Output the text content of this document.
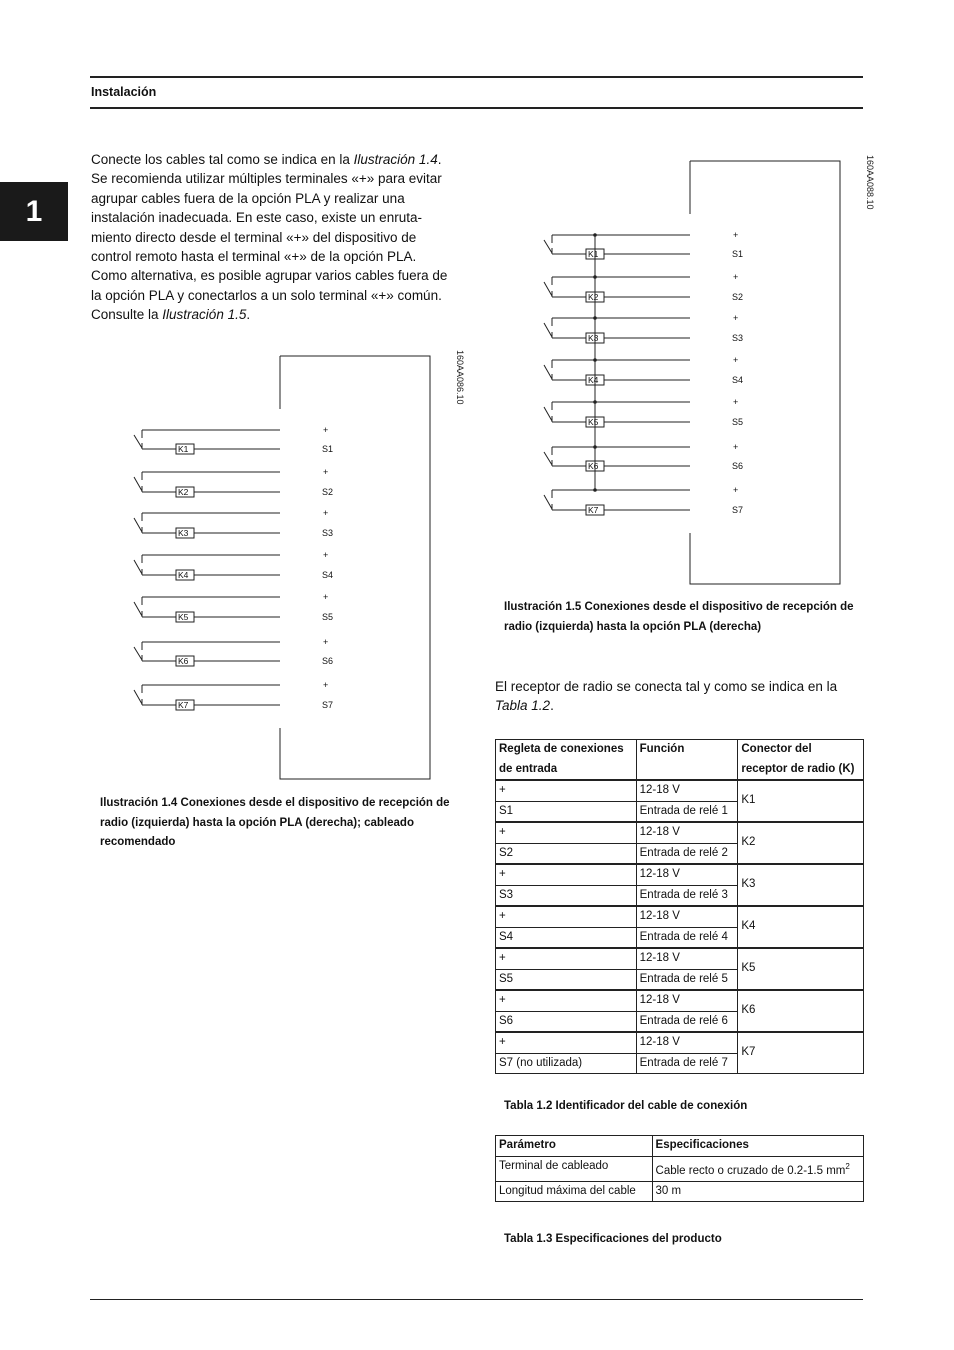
Instalación
1

Conecte los cables tal como se indica en la Ilustración 1.4.

Se recomienda utilizar múltiples terminales «+» para evitar

agrupar cables fuera de la opción PLA y realizar una

instalación inadecuada. En este caso, existe un enruta-

miento directo desde el terminal «+» del dispositivo de

control remoto hasta el terminal «+» de la opción PLA.

Como alternativa, es posible agrupar varios cables fuera de

la opción PLA y conectarlos a un solo terminal «+» común.

Consulte la Ilustración 1.5.

160AA086.10
K1
+
S1
K2
+
S2
K3
+
S3
K4
+
S4
K5
+
S5
K6
+
S6
K7
+
S7
Ilustración 1.4 Conexiones desde el dispositivo de recepción de radio (izquierda) hasta la opción PLA (derecha); cableado recomendado
160AA088.10
K1
+
S1
K2
+
S2
K3
+
S3
K4
+
S4
K5
+
S5
K6
+
S6
K7
+
S7
Ilustración 1.5 Conexiones desde el dispositivo de recepción de radio (izquierda) hasta la opción PLA (derecha)
El receptor de radio se conecta tal y como se indica en la Tabla 1.2.
Regleta de conexiones de entrada	Función	Conector del receptor de radio (K)
+	12-18 V	K1
S1	Entrada de relé 1	
+	12-18 V	K2
S2	Entrada de relé 2	
+	12-18 V	K3
S3	Entrada de relé 3	
+	12-18 V	K4
S4	Entrada de relé 4	
+	12-18 V	K5
S5	Entrada de relé 5	
+	12-18 V	K6
S6	Entrada de relé 6	
+	12-18 V	K7
S7 (no utilizada)	Entrada de relé 7	
Tabla 1.2 Identificador del cable de conexión
Parámetro	Especificaciones
Terminal de cableado	Cable recto o cruzado de 0.2-1.5 $mm^2$
Longitud máxima del cable	30 m
Tabla 1.3 Especificaciones del producto
